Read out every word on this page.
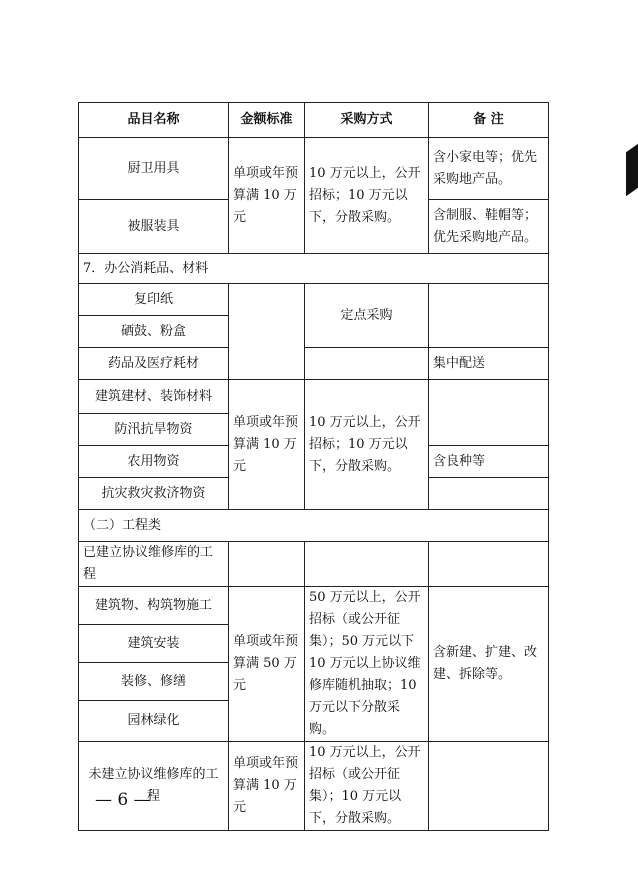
品目名称	金额标准	采购方式	备 注
厨卫用具	单项或年预算满 10 万元	10 万元以上，公开招标；10 万元以下，分散采购。	含小家电等；优先采购地产品。
被服装具			含制服、鞋帽等；优先采购地产品。
7．办公消耗品、材料			
复印纸		定点采购	
硒鼓、粉盒			
药品及医疗耗材			集中配送
建筑建材、装饰材料	单项或年预算满 10 万元	10 万元以上，公开招标；10 万元以下，分散采购。	
防汛抗旱物资			
农用物资			含良种等
抗灾救灾救济物资			
（二）工程类			
已建立协议维修库的工程			
建筑物、构筑物施工	单项或年预算满 50 万元	50 万元以上，公开招标（或公开征集）；50 万元以下 10 万元以上协议维修库随机抽取；10 万元以下分散采购。	含新建、扩建、改建、拆除等。
建筑安装			
装修、修缮			
园林绿化			
未建立协议维修库的工程	单项或年预算满 10 万元	10 万元以上，公开招标（或公开征集）；10 万元以下，分散采购。	
— 6 —
